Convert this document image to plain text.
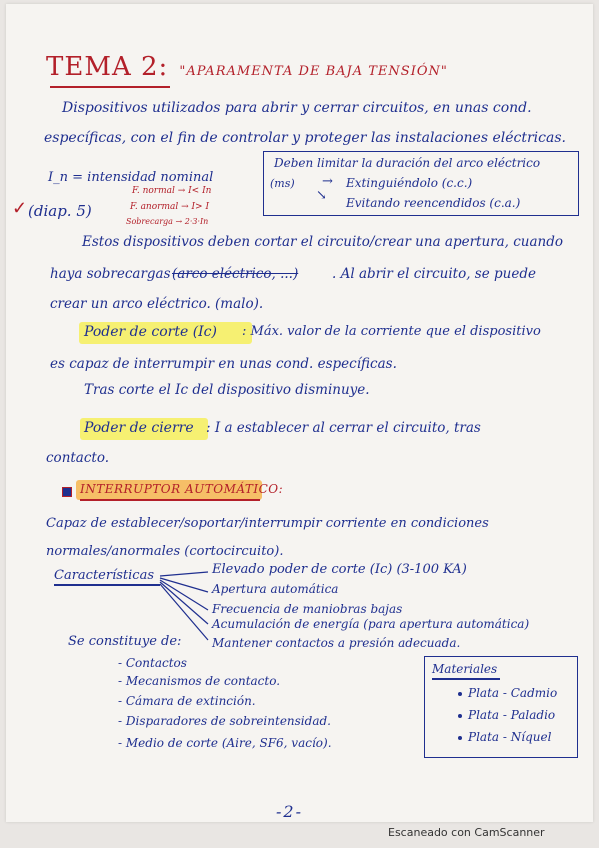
TEMA 2: "APARAMENTA DE BAJA TENSIÓN"
Dispositivos utilizados para abrir y cerrar circuitos, en unas cond.
específicas, con el fin de controlar y proteger las instalaciones eléctricas.
I_n = intensidad nominal
F. normal → I< In
F. anormal → I> I
Sobrecarga → 2·3·In
✓ (diap. 5)
Deben limitar la duración del arco eléctrico
(ms) → Extinguiéndolo (c.c.)
↘ Evitando reencendidos (c.a.)
Estos dispositivos deben cortar el circuito/crear una apertura, cuando
haya sobrecargas (arco eléctrico, ...)	. Al abrir el circuito, se puede
crear un arco eléctrico. (malo).
Poder de corte (Ic) : Máx. valor de la corriente que el dispositivo
es capaz de interrumpir en unas cond. específicas.
Tras corte el Ic del dispositivo disminuye.
Poder de cierre : I a establecer al cerrar el circuito, tras
contacto.
INTERRUPTOR AUTOMÁTICO:
Capaz de establecer/soportar/interrumpir corriente en condiciones
normales/anormales (cortocircuito).
Características	Elevado poder de corte (Ic) (3-100 KA)
Apertura automática
Frecuencia de maniobras bajas
Acumulación de energía (para apertura automática)
Mantener contactos a presión adecuada.
Se constituye de:
- Contactos
- Mecanismos de contacto.
- Cámara de extinción.
- Disparadores de sobreintensidad.
- Medio de corte (Aire, SF6, vacío).
Materiales
Plata - Cadmio
Plata - Paladio
Plata - Níquel
-2-
Escaneado con CamScanner
